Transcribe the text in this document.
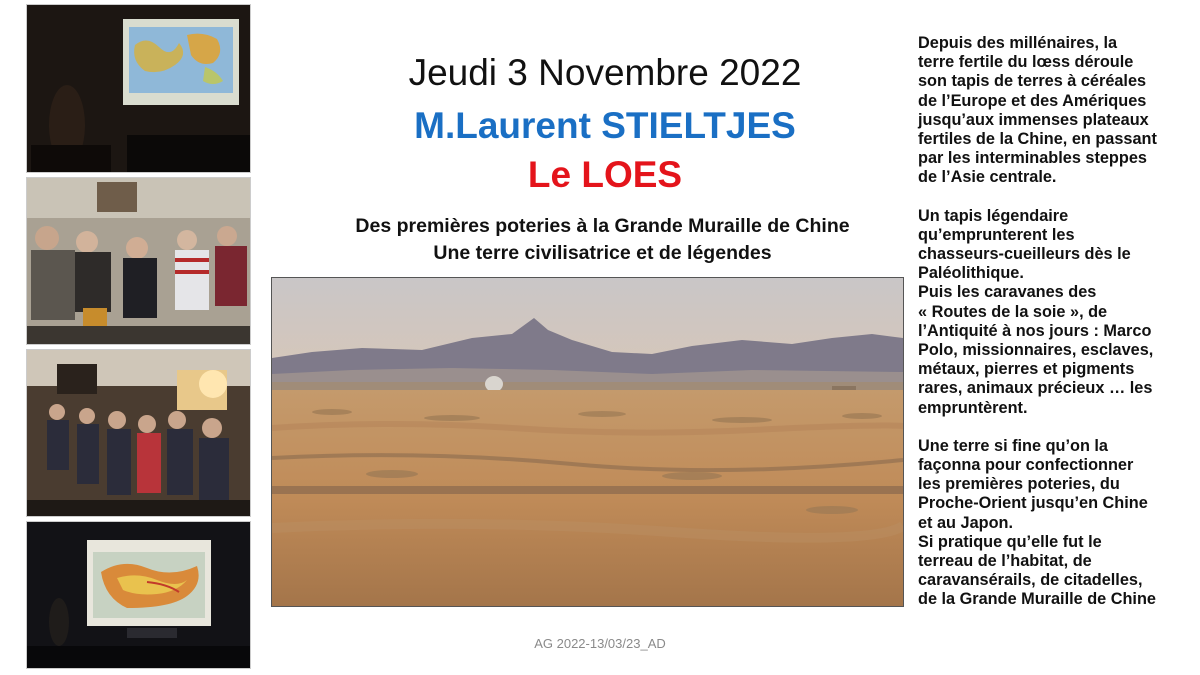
Jeudi 3 Novembre 2022
M.Laurent STIELTJES
Le LOES
Des premières poteries à la Grande Muraille de Chine
Une terre civilisatrice et de légendes
AG 2022-13/03/23_AD

Depuis des millénaires, la
terre fertile du lœss déroule
son tapis de terres à céréales
de l’Europe et des Amériques
jusqu’aux immenses plateaux
fertiles de la Chine, en passant
par les interminables steppes
de l’Asie centrale.

Un tapis légendaire
qu’emprunterent les
chasseurs-cueilleurs dès le
Paléolithique.
Puis les caravanes des
« Routes de la soie », de
l’Antiquité à nos jours : Marco
Polo, missionnaires, esclaves,
métaux, pierres et pigments
rares, animaux précieux … les
empruntèrent.

Une terre si fine qu’on la
façonna pour confectionner
les premières poteries, du
Proche-Orient jusqu’en Chine
et au Japon.
Si pratique qu’elle fut le
terreau de l’habitat, de
caravansérails, de citadelles,
de la Grande Muraille de Chine
